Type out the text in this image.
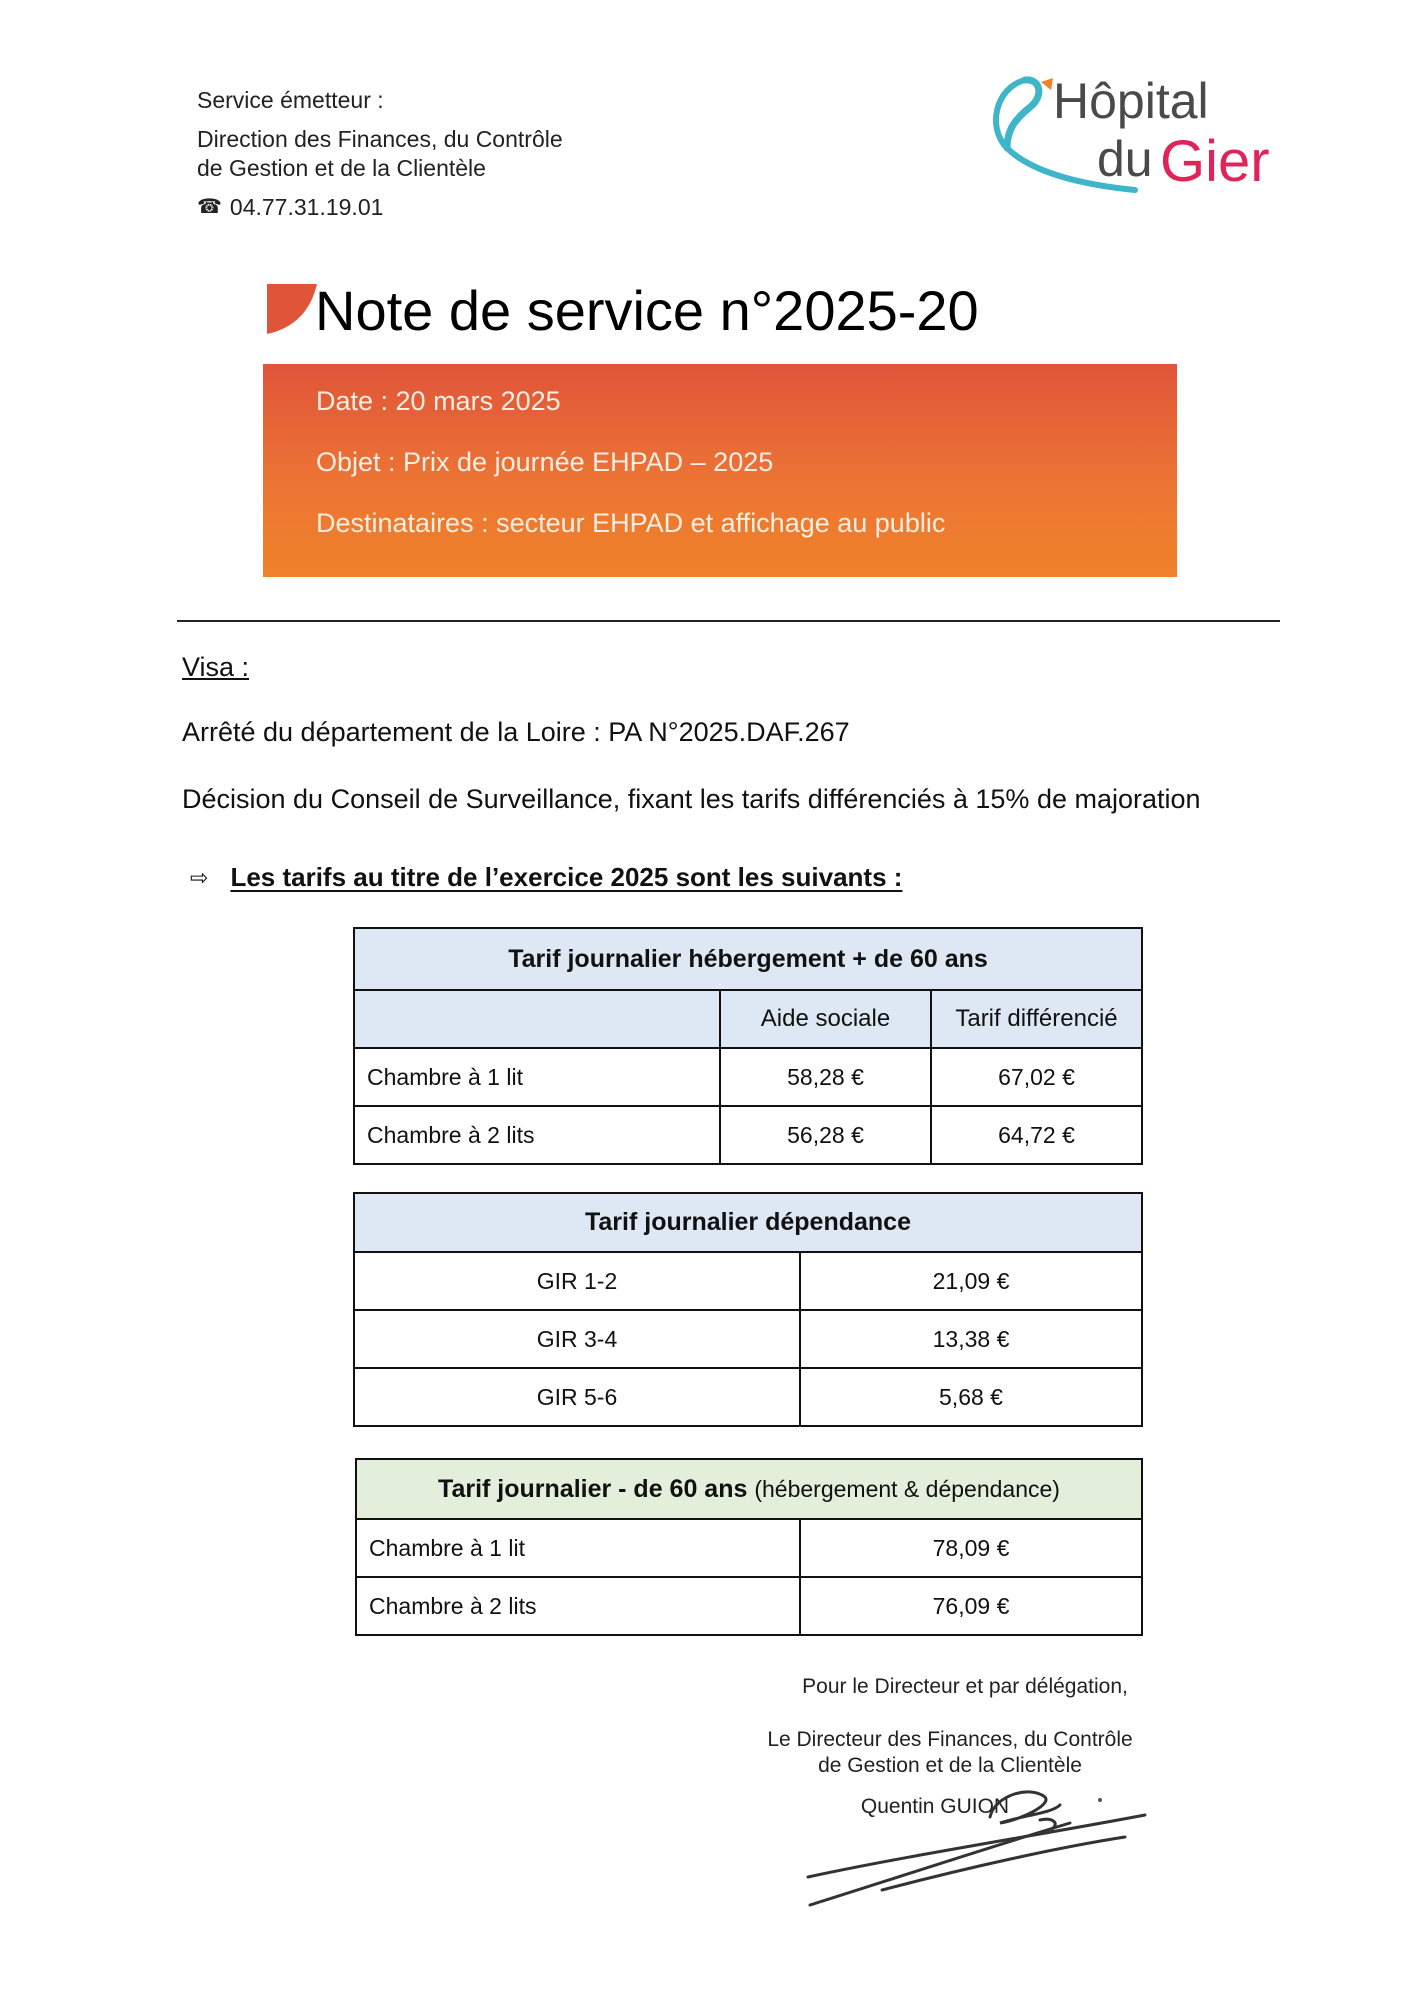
Service émetteur :
Direction des Finances, du Contrôle
de Gestion et de la Clientèle
☎ 04.77.31.19.01
Hôpital
du Gier
Note de service n°2025-20
Date : 20 mars 2025
Objet : Prix de journée EHPAD – 2025
Destinataires : secteur EHPAD et affichage au public
Visa :
Arrêté du département de la Loire : PA N°2025.DAF.267
Décision du Conseil de Surveillance, fixant les tarifs différenciés à 15% de majoration
⇨ Les tarifs au titre de l’exercice 2025 sont les suivants :
Tarif journalier hébergement + de 60 ans		
	Aide sociale	Tarif différencié
Chambre à 1 lit	58,28 €	67,02 €
Chambre à 2 lits	56,28 €	64,72 €
Tarif journalier dépendance	
GIR 1-2	21,09 €
GIR 3-4	13,38 €
GIR 5-6	5,68 €
Tarif journalier - de 60 ans (hébergement & dépendance)	
Chambre à 1 lit	78,09 €
Chambre à 2 lits	76,09 €
Pour le Directeur et par délégation,
Le Directeur des Finances, du Contrôle
de Gestion et de la Clientèle
Quentin GUION
